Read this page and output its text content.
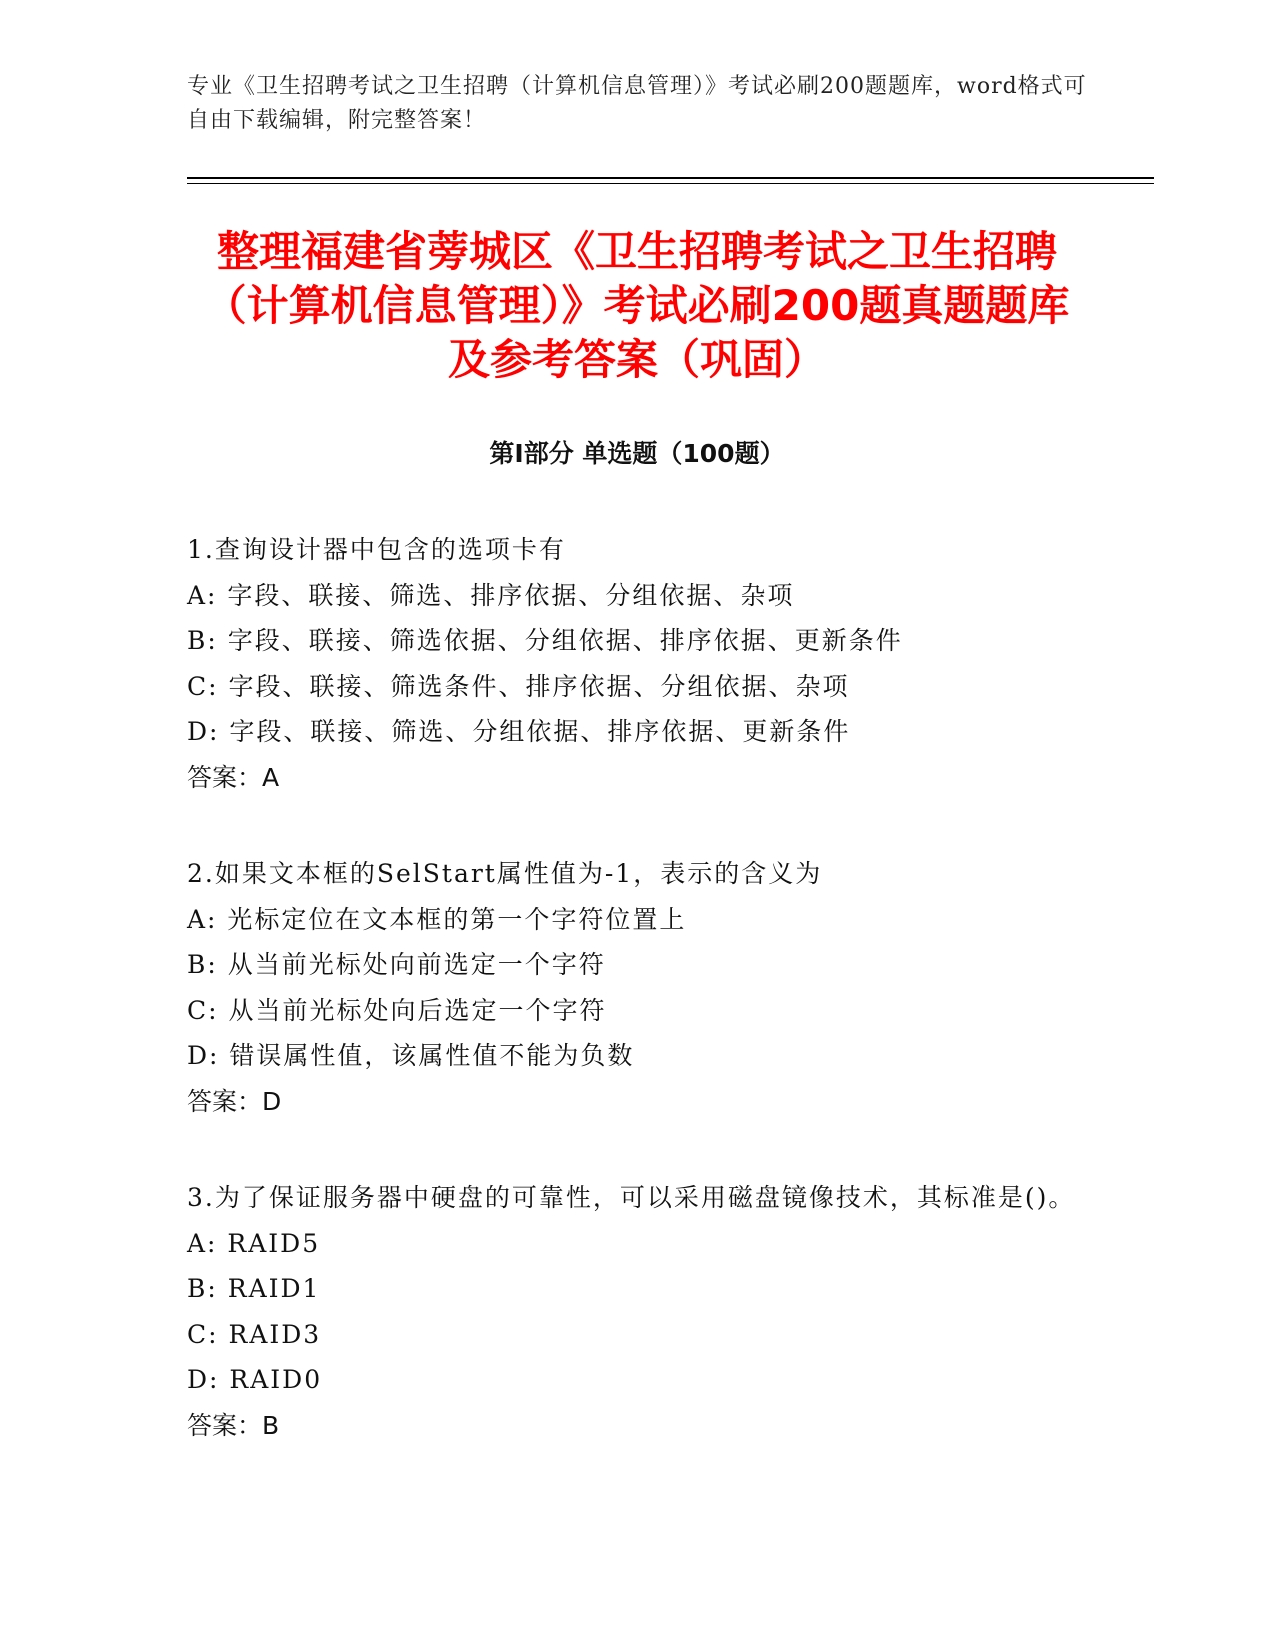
专业《卫生招聘考试之卫生招聘（计算机信息管理）》考试必刷200题题库，word格式可自由下载编辑，附完整答案！
整理福建省蒡城区《卫生招聘考试之卫生招聘（计算机信息管理）》考试必刷200题真题题库及参考答案（巩固）
第I部分 单选题（100题）
1.查询设计器中包含的选项卡有
A: 字段、联接、筛选、排序依据、分组依据、杂项
B: 字段、联接、筛选依据、分组依据、排序依据、更新条件
C: 字段、联接、筛选条件、排序依据、分组依据、杂项
D: 字段、联接、筛选、分组依据、排序依据、更新条件
答案：A
2.如果文本框的SelStart属性值为-1，表示的含义为
A: 光标定位在文本框的第一个字符位置上
B: 从当前光标处向前选定一个字符
C: 从当前光标处向后选定一个字符
D: 错误属性值，该属性值不能为负数
答案：D
3.为了保证服务器中硬盘的可靠性，可以采用磁盘镜像技术，其标准是()。
A: RAID5
B: RAID1
C: RAID3
D: RAID0
答案：B
